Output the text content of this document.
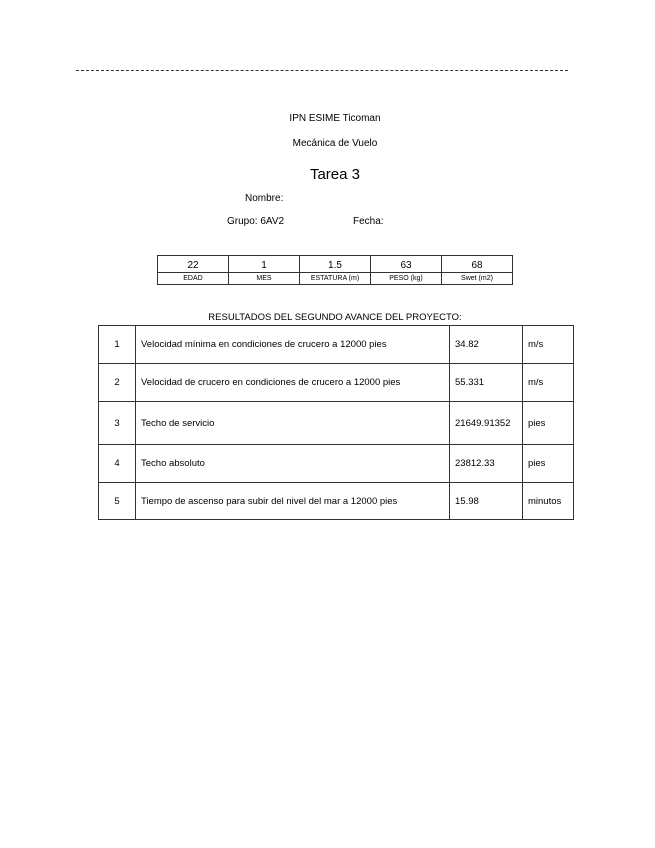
IPN ESIME Ticoman
Mecánica de Vuelo
Tarea 3
Nombre:
Grupo: 6AV2	Fecha:
22	1	1.5	63	68
EDAD	MES	ESTATURA (m)	PESO (kg)	Swet (m2)
RESULTADOS DEL SEGUNDO AVANCE DEL PROYECTO:
1	Velocidad mínima en condiciones de crucero a 12000 pies	34.82	m/s
2	Velocidad de crucero en condiciones de crucero a 12000 pies	55.331	m/s
3	Techo de servicio	21649.91352	pies
4	Techo absoluto	23812.33	pies
5	Tiempo de ascenso para subir del nivel del mar a 12000 pies	15.98	minutos
